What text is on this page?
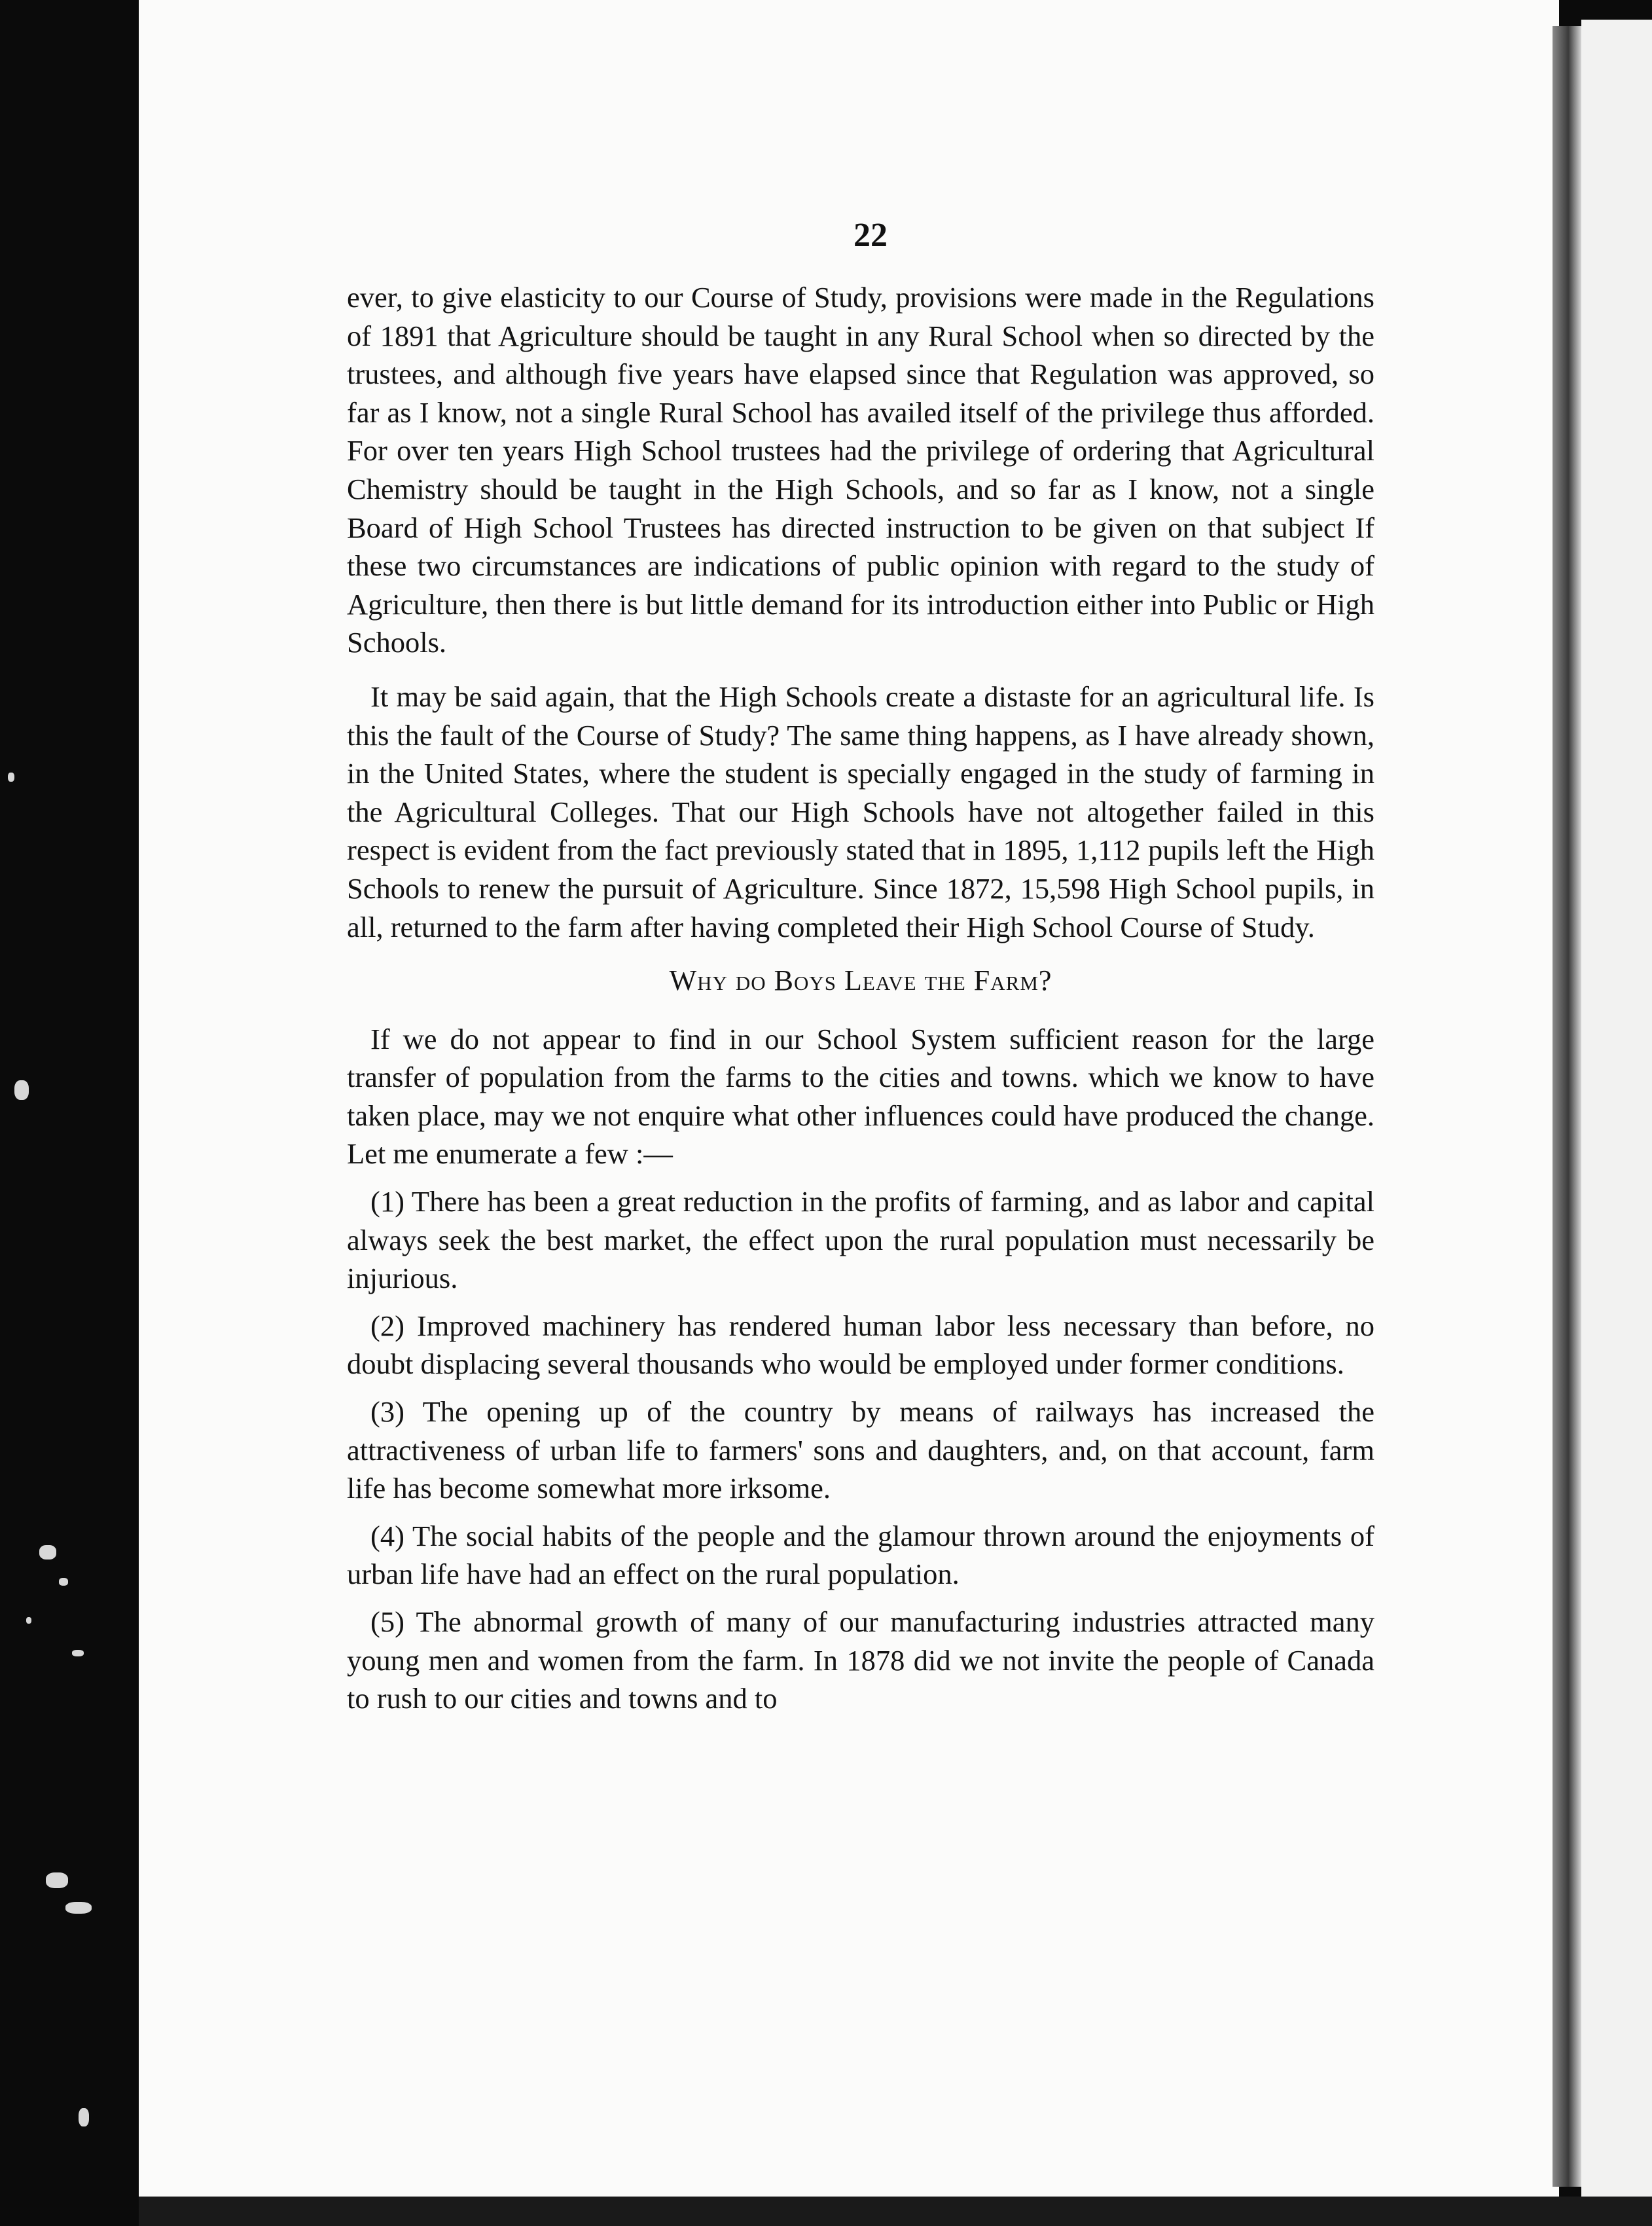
22

ever, to give elasticity to our Course of Study, provisions were made in the Regulations of 1891 that Agriculture should be taught in any Rural School when so directed by the trustees, and although five years have elapsed since that Regulation was approved, so far as I know, not a single Rural School has availed itself of the privilege thus afforded. For over ten years High School trustees had the privilege of ordering that Agricultural Chemistry should be taught in the High Schools, and so far as I know, not a single Board of High School Trustees has directed instruction to be given on that subject If these two circumstances are indications of public opinion with regard to the study of Agriculture, then there is but little demand for its introduction either into Public or High Schools.

It may be said again, that the High Schools create a distaste for an agricultural life. Is this the fault of the Course of Study? The same thing happens, as I have already shown, in the United States, where the student is specially engaged in the study of farming in the Agricultural Colleges. That our High Schools have not altogether failed in this respect is evident from the fact previously stated that in 1895, 1,112 pupils left the High Schools to renew the pursuit of Agriculture. Since 1872, 15,598 High School pupils, in all, returned to the farm after having completed their High School Course of Study.

Why do Boys Leave the Farm?

If we do not appear to find in our School System sufficient reason for the large transfer of population from the farms to the cities and towns. which we know to have taken place, may we not enquire what other influences could have produced the change. Let me enumerate a few :—

(1) There has been a great reduction in the profits of farming, and as labor and capital always seek the best market, the effect upon the rural population must necessarily be injurious.

(2) Improved machinery has rendered human labor less necessary than before, no doubt displacing several thousands who would be employed under former conditions.

(3) The opening up of the country by means of railways has increased the attractiveness of urban life to farmers' sons and daughters, and, on that account, farm life has become somewhat more irksome.

(4) The social habits of the people and the glamour thrown around the enjoyments of urban life have had an effect on the rural population.

(5) The abnormal growth of many of our manufacturing industries attracted many young men and women from the farm. In 1878 did we not invite the people of Canada to rush to our cities and towns and to
